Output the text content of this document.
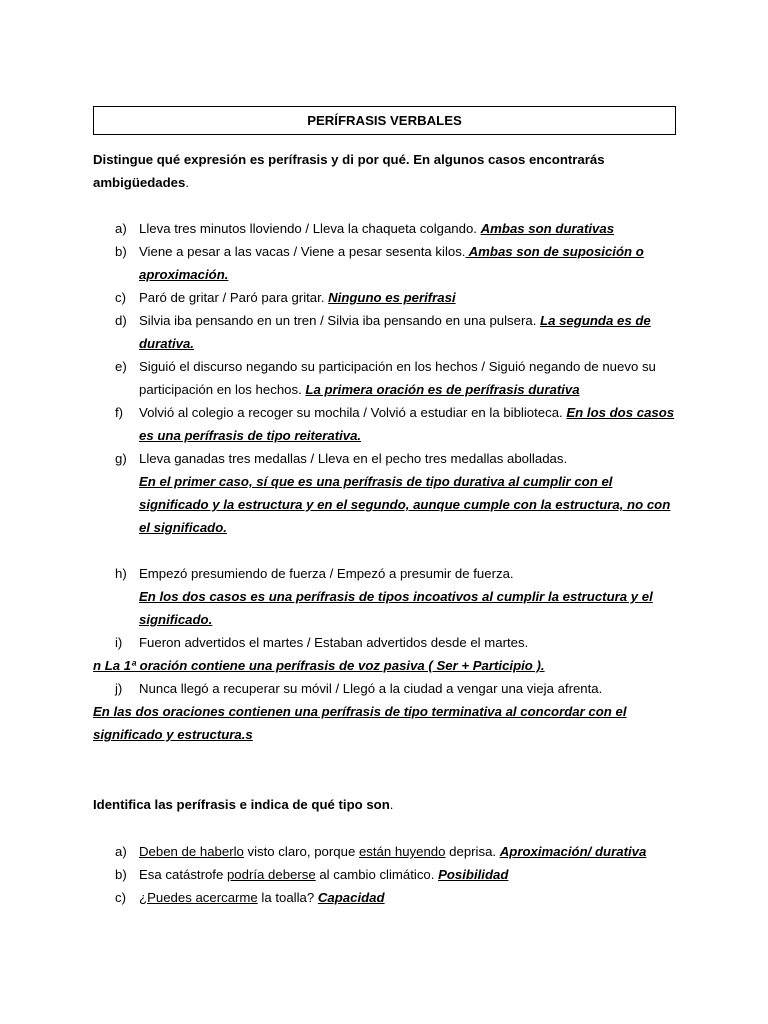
PERÍFRASIS VERBALES
Distingue qué expresión es perífrasis y di por qué. En algunos casos encontrarás ambigüedades.
a) Lleva tres minutos lloviendo / Lleva la chaqueta colgando. Ambas son durativas
b) Viene a pesar a las vacas / Viene a pesar sesenta kilos. Ambas son de suposición o aproximación.
c) Paró de gritar / Paró para gritar. Ninguno es perifrasi
d) Silvia iba pensando en un tren / Silvia iba pensando en una pulsera. La segunda es de durativa.
e) Siguió el discurso negando su participación en los hechos / Siguió negando de nuevo su participación en los hechos. La primera oración es de perífrasis durativa
f) Volvió al colegio a recoger su mochila / Volvió a estudiar en la biblioteca. En los dos casos es una perífrasis de tipo reiterativa.
g) Lleva ganadas tres medallas / Lleva en el pecho tres medallas abolladas.
En el primer caso, sí que es una perífrasis de tipo durativa al cumplir con el significado y la estructura y en el segundo, aunque cumple con la estructura, no con el significado.
h) Empezó presumiendo de fuerza / Empezó a presumir de fuerza.
En los dos casos es una perífrasis de tipos incoativos al cumplir la estructura y el significado.
i) Fueron advertidos el martes / Estaban advertidos desde el martes.
n La 1ª oración contiene una perífrasis de voz pasiva ( Ser + Participio ).
j) Nunca llegó a recuperar su móvil / Llegó a la ciudad a vengar una vieja afrenta.
En las dos oraciones contienen una perífrasis de tipo terminativa al concordar con el significado y estructura.s
Identifica las perífrasis e indica de qué tipo son.
a) Deben de haberlo visto claro, porque están huyendo deprisa. Aproximación/ durativa
b) Esa catástrofe podría deberse al cambio climático. Posibilidad
c) ¿Puedes acercarme la toalla? Capacidad
